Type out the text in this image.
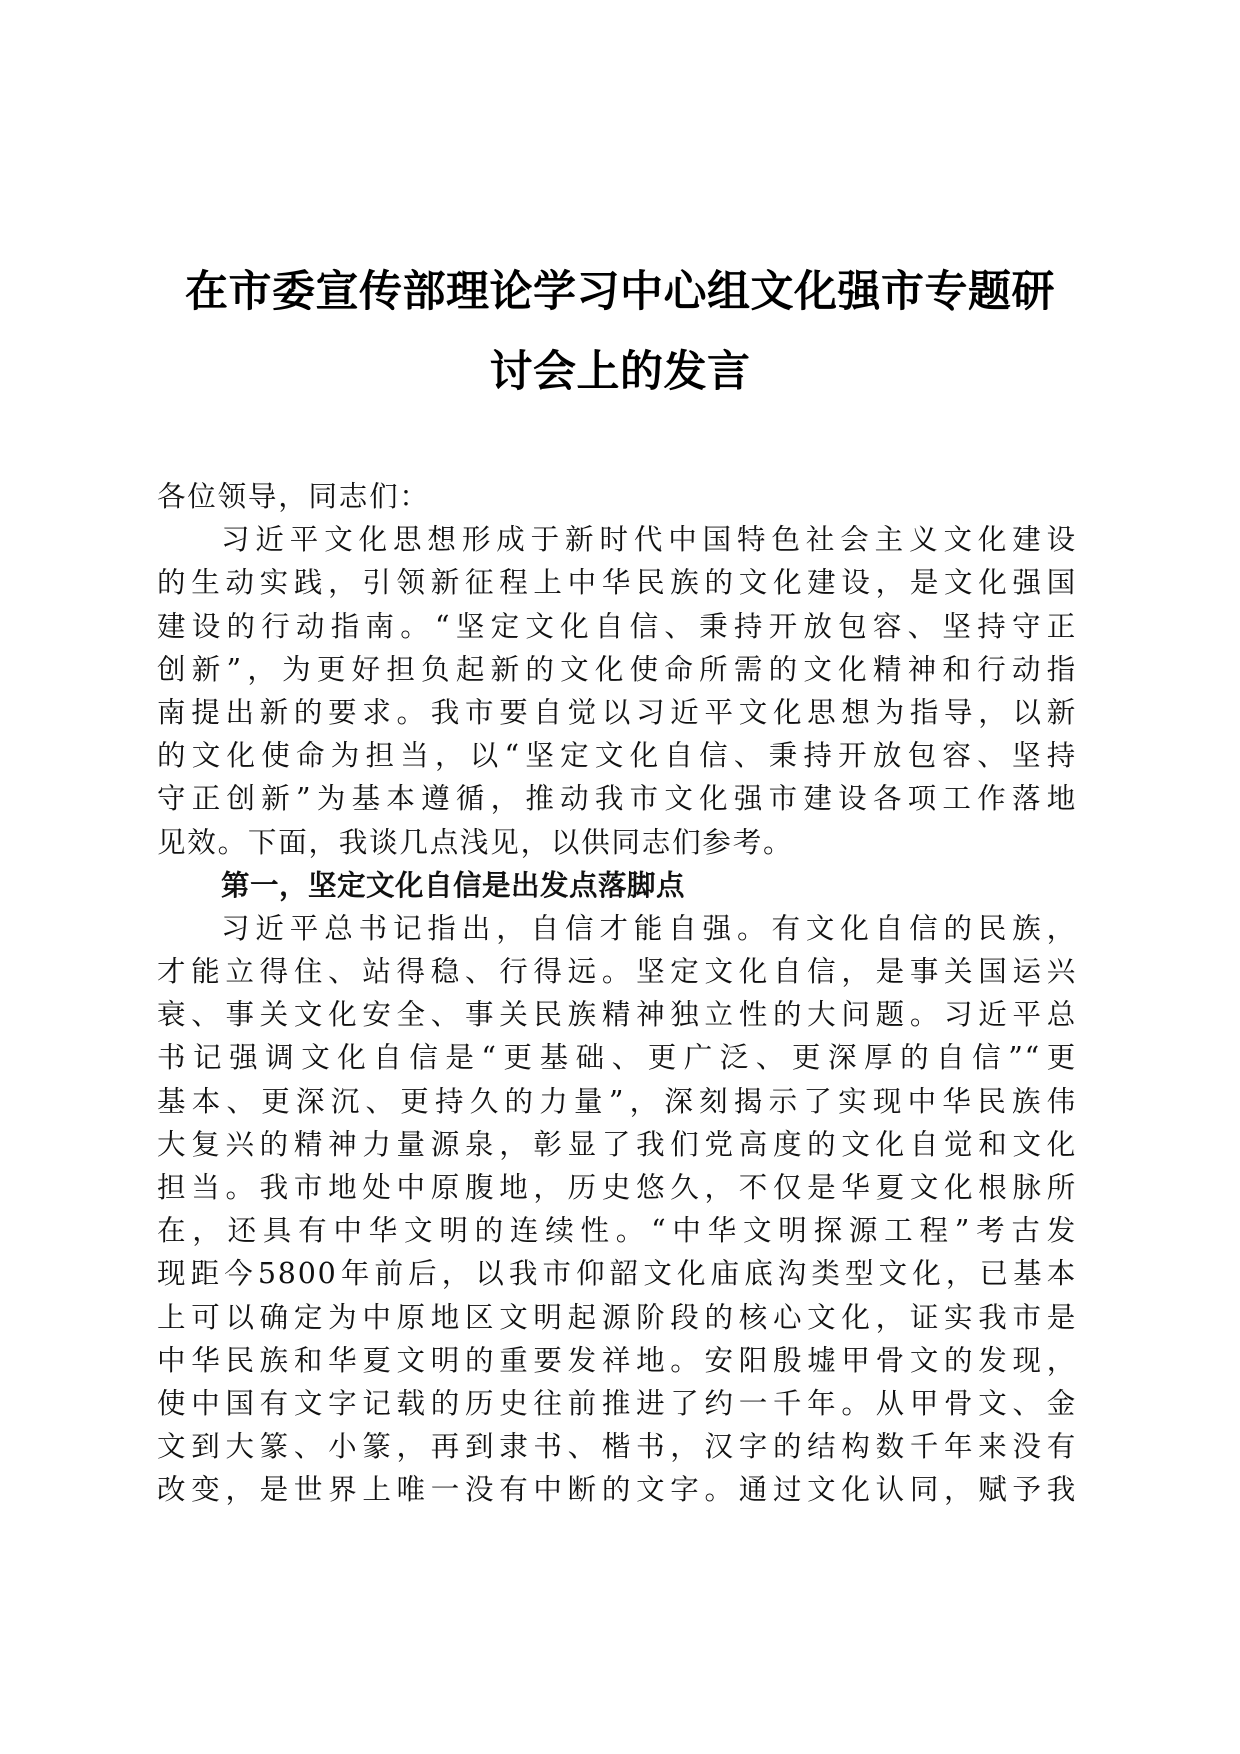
在市委宣传部理论学习中心组文化强市专题研
讨会上的发言
各位领导，同志们：
习近平文化思想形成于新时代中国特色社会主义文化建设
的生动实践，引领新征程上中华民族的文化建设，是文化强国
建设的行动指南。“坚定文化自信、秉持开放包容、坚持守正
创新”，为更好担负起新的文化使命所需的文化精神和行动指
南提出新的要求。我市要自觉以习近平文化思想为指导，以新
的文化使命为担当，以“坚定文化自信、秉持开放包容、坚持
守正创新”为基本遵循，推动我市文化强市建设各项工作落地
见效。下面，我谈几点浅见，以供同志们参考。
第一，坚定文化自信是出发点落脚点
习近平总书记指出，自信才能自强。有文化自信的民族，
才能立得住、站得稳、行得远。坚定文化自信，是事关国运兴
衰、事关文化安全、事关民族精神独立性的大问题。习近平总
书记强调文化自信是“更基础、更广泛、更深厚的自信”“更
基本、更深沉、更持久的力量”，深刻揭示了实现中华民族伟
大复兴的精神力量源泉，彰显了我们党高度的文化自觉和文化
担当。我市地处中原腹地，历史悠久，不仅是华夏文化根脉所
在，还具有中华文明的连续性。“中华文明探源工程”考古发
现距今5800年前后，以我市仰韶文化庙底沟类型文化，已基本
上可以确定为中原地区文明起源阶段的核心文化，证实我市是
中华民族和华夏文明的重要发祥地。安阳殷墟甲骨文的发现，
使中国有文字记载的历史往前推进了约一千年。从甲骨文、金
文到大篆、小篆，再到隶书、楷书，汉字的结构数千年来没有
改变，是世界上唯一没有中断的文字。通过文化认同，赋予我
